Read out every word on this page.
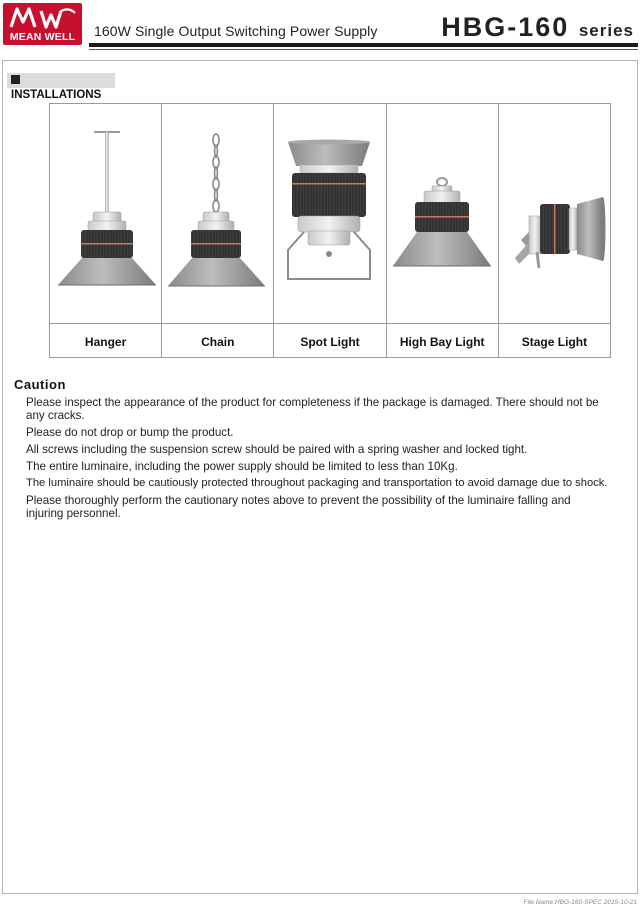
MEAN WELL	160W Single Output Switching Power Supply HBG-160 series
INSTALLATIONS
Hanger	Chain	Spot Light	High Bay Light	Stage Light
Caution
Please inspect the appearance of the product for completeness if the package is damaged. There should not be any cracks.
Please do not drop or bump the product.
All screws including the suspension screw should be paired with a spring washer and locked tight.
The entire luminaire, including the power supply should be limited to less than 10Kg.
The luminaire should be cautiously protected throughout packaging and transportation to avoid damage due to shock.
Please thoroughly perform the cautionary notes above to prevent the possibility of the luminaire falling and injuring personnel.
File Name:HBG-160-SPEC 2015-10-21
